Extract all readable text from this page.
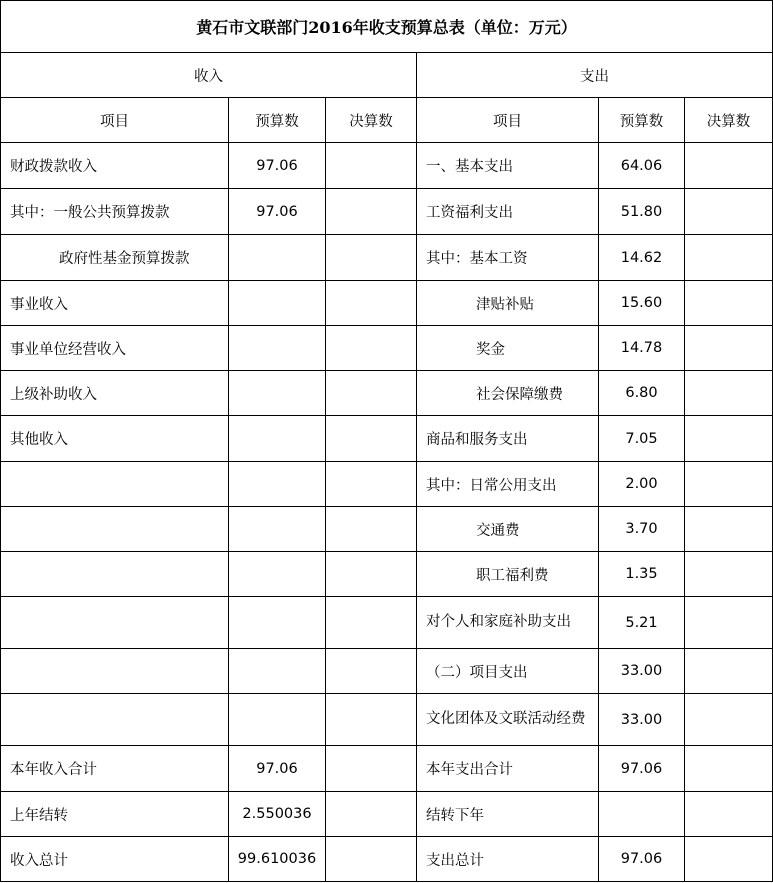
黄石市文联部门2016年收支预算总表（单位：万元）					
收入			支出		
项目	预算数	决算数	项目	预算数	决算数
财政拨款收入	97.06		一、基本支出	64.06	
其中：一般公共预算拨款	97.06		工资福利支出	51.80	
政府性基金预算拨款			其中：基本工资	14.62	
事业收入			津贴补贴	15.60	
事业单位经营收入			奖金	14.78	
上级补助收入			社会保障缴费	6.80	
其他收入			商品和服务支出	7.05	
			其中：日常公用支出	2.00	
			交通费	3.70	
			职工福利费	1.35	
			对个人和家庭补助支出	5.21	
			（二）项目支出	33.00	
			文化团体及文联活动经费	33.00	
本年收入合计	97.06		本年支出合计	97.06	
上年结转	2.550036		结转下年		
收入总计	99.610036		支出总计	97.06	
